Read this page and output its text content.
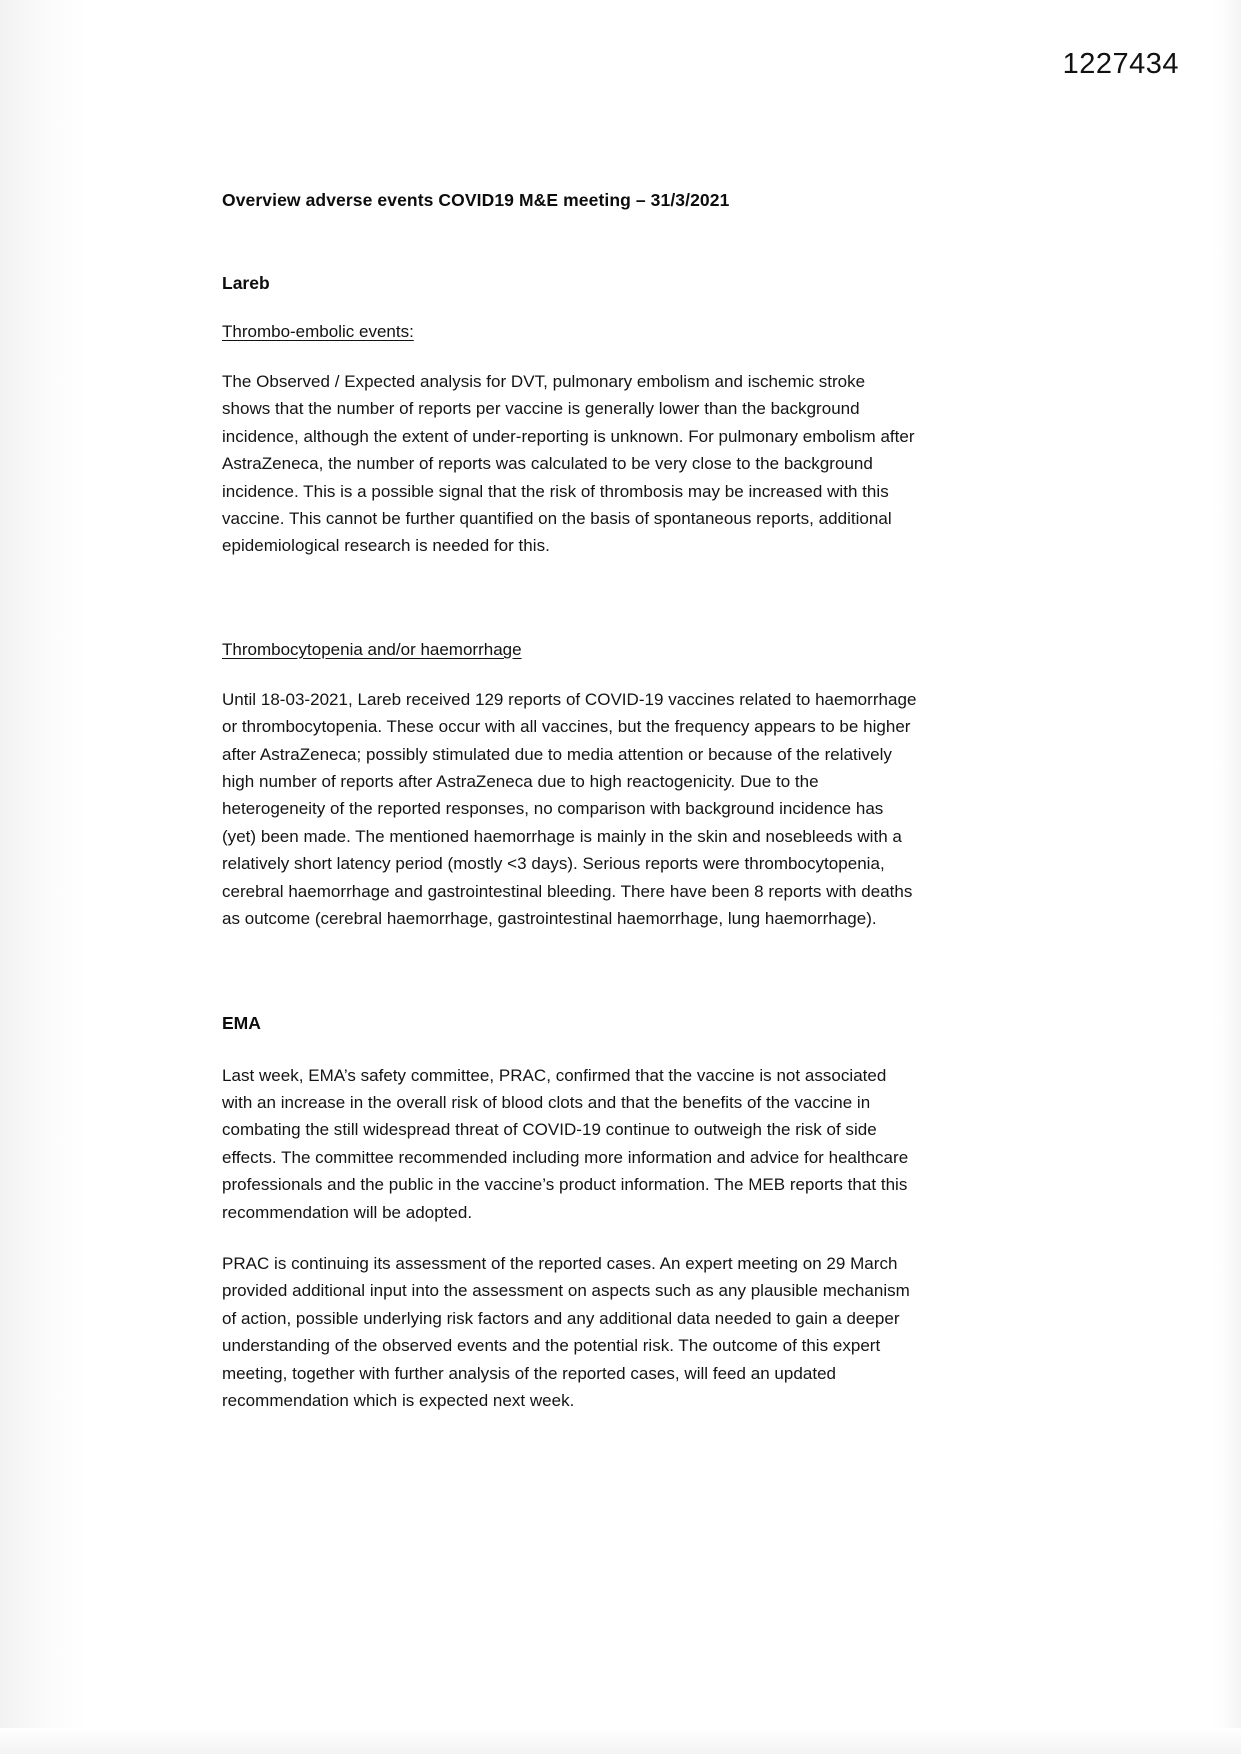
1227434
Overview adverse events COVID19 M&E meeting – 31/3/2021
Lareb
Thrombo-embolic events:

The Observed / Expected analysis for DVT, pulmonary embolism and ischemic stroke shows that the number of reports per vaccine is generally lower than the background incidence, although the extent of under-reporting is unknown. For pulmonary embolism after AstraZeneca, the number of reports was calculated to be very close to the background incidence. This is a possible signal that the risk of thrombosis may be increased with this vaccine. This cannot be further quantified on the basis of spontaneous reports, additional epidemiological research is needed for this.

Thrombocytopenia and/or haemorrhage

Until 18-03-2021, Lareb received 129 reports of COVID-19 vaccines related to haemorrhage or thrombocytopenia. These occur with all vaccines, but the frequency appears to be higher after AstraZeneca; possibly stimulated due to media attention or because of the relatively high number of reports after AstraZeneca due to high reactogenicity. Due to the heterogeneity of the reported responses, no comparison with background incidence has (yet) been made. The mentioned haemorrhage is mainly in the skin and nosebleeds with a relatively short latency period (mostly <3 days). Serious reports were thrombocytopenia, cerebral haemorrhage and gastrointestinal bleeding. There have been 8 reports with deaths as outcome (cerebral haemorrhage, gastrointestinal haemorrhage, lung haemorrhage).

EMA

Last week, EMA’s safety committee, PRAC, confirmed that the vaccine is not associated with an increase in the overall risk of blood clots and that the benefits of the vaccine in combating the still widespread threat of COVID-19 continue to outweigh the risk of side effects. The committee recommended including more information and advice for healthcare professionals and the public in the vaccine’s product information. The MEB reports that this recommendation will be adopted.

PRAC is continuing its assessment of the reported cases. An expert meeting on 29 March provided additional input into the assessment on aspects such as any plausible mechanism of action, possible underlying risk factors and any additional data needed to gain a deeper understanding of the observed events and the potential risk. The outcome of this expert meeting, together with further analysis of the reported cases, will feed an updated recommendation which is expected next week.
